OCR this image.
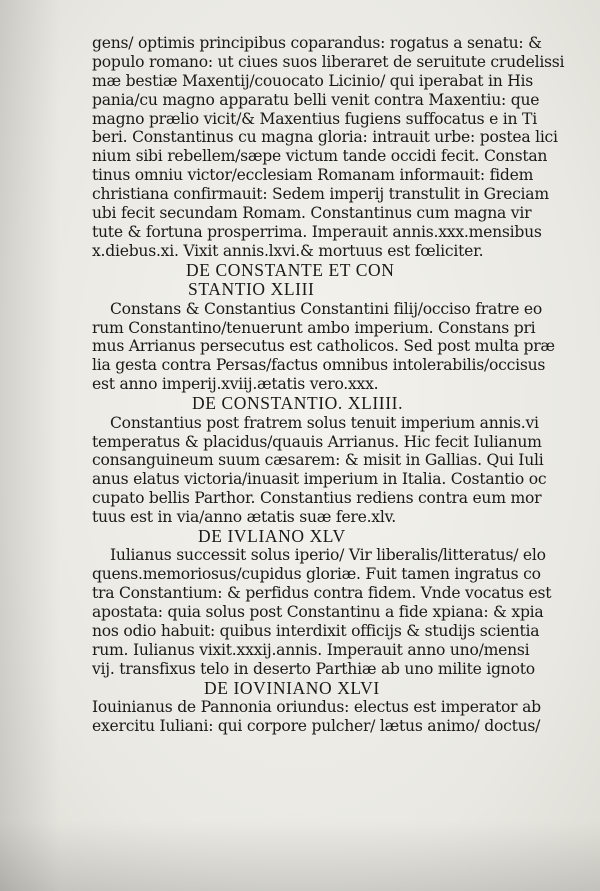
gens/ optimis principibus coparandus: rogatus a senatu: &
populo romano: ut ciues suos liberaret de seruitute crudelissi
mæ bestiæ Maxentij/couocato Licinio/ qui iperabat in His
pania/cu magno apparatu belli venit contra Maxentiu: que
magno prælio vicit/& Maxentius fugiens suffocatus e in Ti
beri. Constantinus cu magna gloria: intrauit urbe: postea lici
nium sibi rebellem/sæpe victum tande occidi fecit. Constan
tinus omniu victor/ecclesiam Romanam informauit: fidem
christiana confirmauit: Sedem imperij transtulit in Greciam
ubi fecit secundam Romam. Constantinus cum magna vir
tute & fortuna prosperrima. Imperauit annis.xxx.mensibus
x.diebus.xi. Vixit annis.lxvi.& mortuus est fœliciter.
DE CONSTANTE ET CON
STANTIO XLIII
Constans & Constantius Constantini filij/occiso fratre eo
rum Constantino/tenuerunt ambo imperium. Constans pri
mus Arrianus persecutus est catholicos. Sed post multa præ
lia gesta contra Persas/factus omnibus intolerabilis/occisus
est anno imperij.xviij.ætatis vero.xxx.
DE CONSTANTIO. XLIIII.
Constantius post fratrem solus tenuit imperium annis.vi
temperatus & placidus/quauis Arrianus. Hic fecit Iulianum
consanguineum suum cæsarem: & misit in Gallias. Qui Iuli
anus elatus victoria/inuasit imperium in Italia. Costantio oc
cupato bellis Parthor. Constantius rediens contra eum mor
tuus est in via/anno ætatis suæ fere.xlv.
DE IVLIANO XLV
Iulianus successit solus iperio/ Vir liberalis/litteratus/ elo
quens.memoriosus/cupidus gloriæ. Fuit tamen ingratus co
tra Constantium: & perfidus contra fidem. Vnde vocatus est
apostata: quia solus post Constantinu a fide xpiana: & xpia
nos odio habuit: quibus interdixit officijs & studijs scientia
rum. Iulianus vixit.xxxij.annis. Imperauit anno uno/mensi
vij. transfixus telo in deserto Parthiæ ab uno milite ignoto
DE IOVINIANO XLVI
Iouinianus de Pannonia oriundus: electus est imperator ab
exercitu Iuliani: qui corpore pulcher/ lætus animo/ doctus/
